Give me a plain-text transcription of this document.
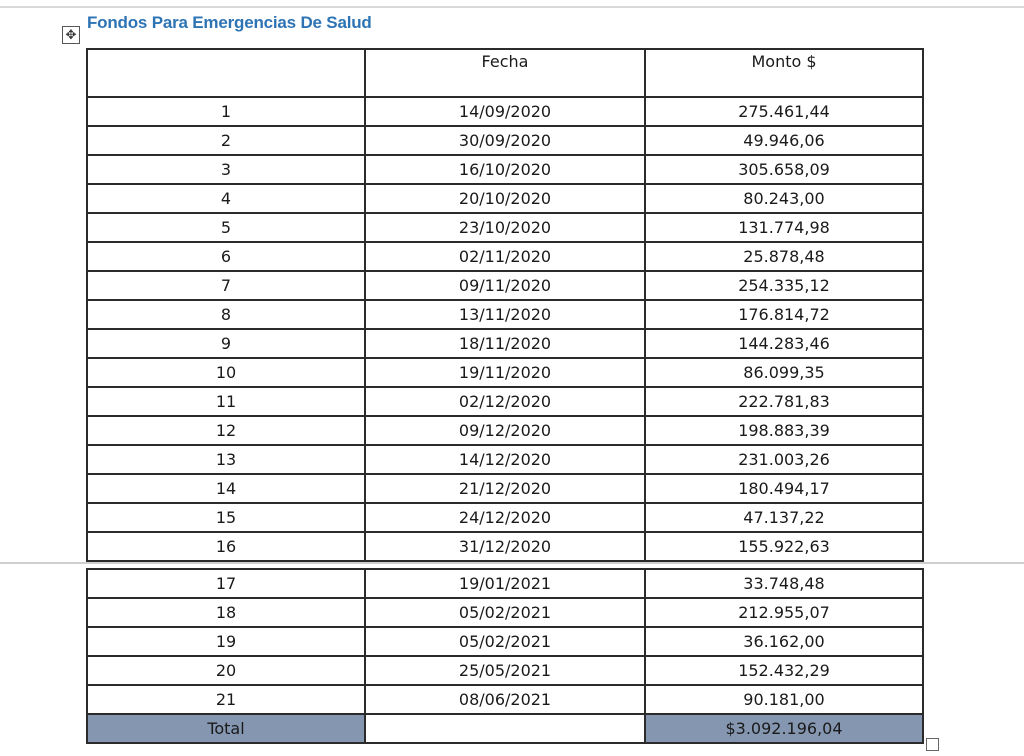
✥
Fondos Para Emergencias De Salud
	Fecha	Monto $
1	14/09/2020	275.461,44
2	30/09/2020	49.946,06
3	16/10/2020	305.658,09
4	20/10/2020	80.243,00
5	23/10/2020	131.774,98
6	02/11/2020	25.878,48
7	09/11/2020	254.335,12
8	13/11/2020	176.814,72
9	18/11/2020	144.283,46
10	19/11/2020	86.099,35
11	02/12/2020	222.781,83
12	09/12/2020	198.883,39
13	14/12/2020	231.003,26
14	21/12/2020	180.494,17
15	24/12/2020	47.137,22
16	31/12/2020	155.922,63
17	19/01/2021	33.748,48
18	05/02/2021	212.955,07
19	05/02/2021	36.162,00
20	25/05/2021	152.432,29
21	08/06/2021	90.181,00
Total		$3.092.196,04
